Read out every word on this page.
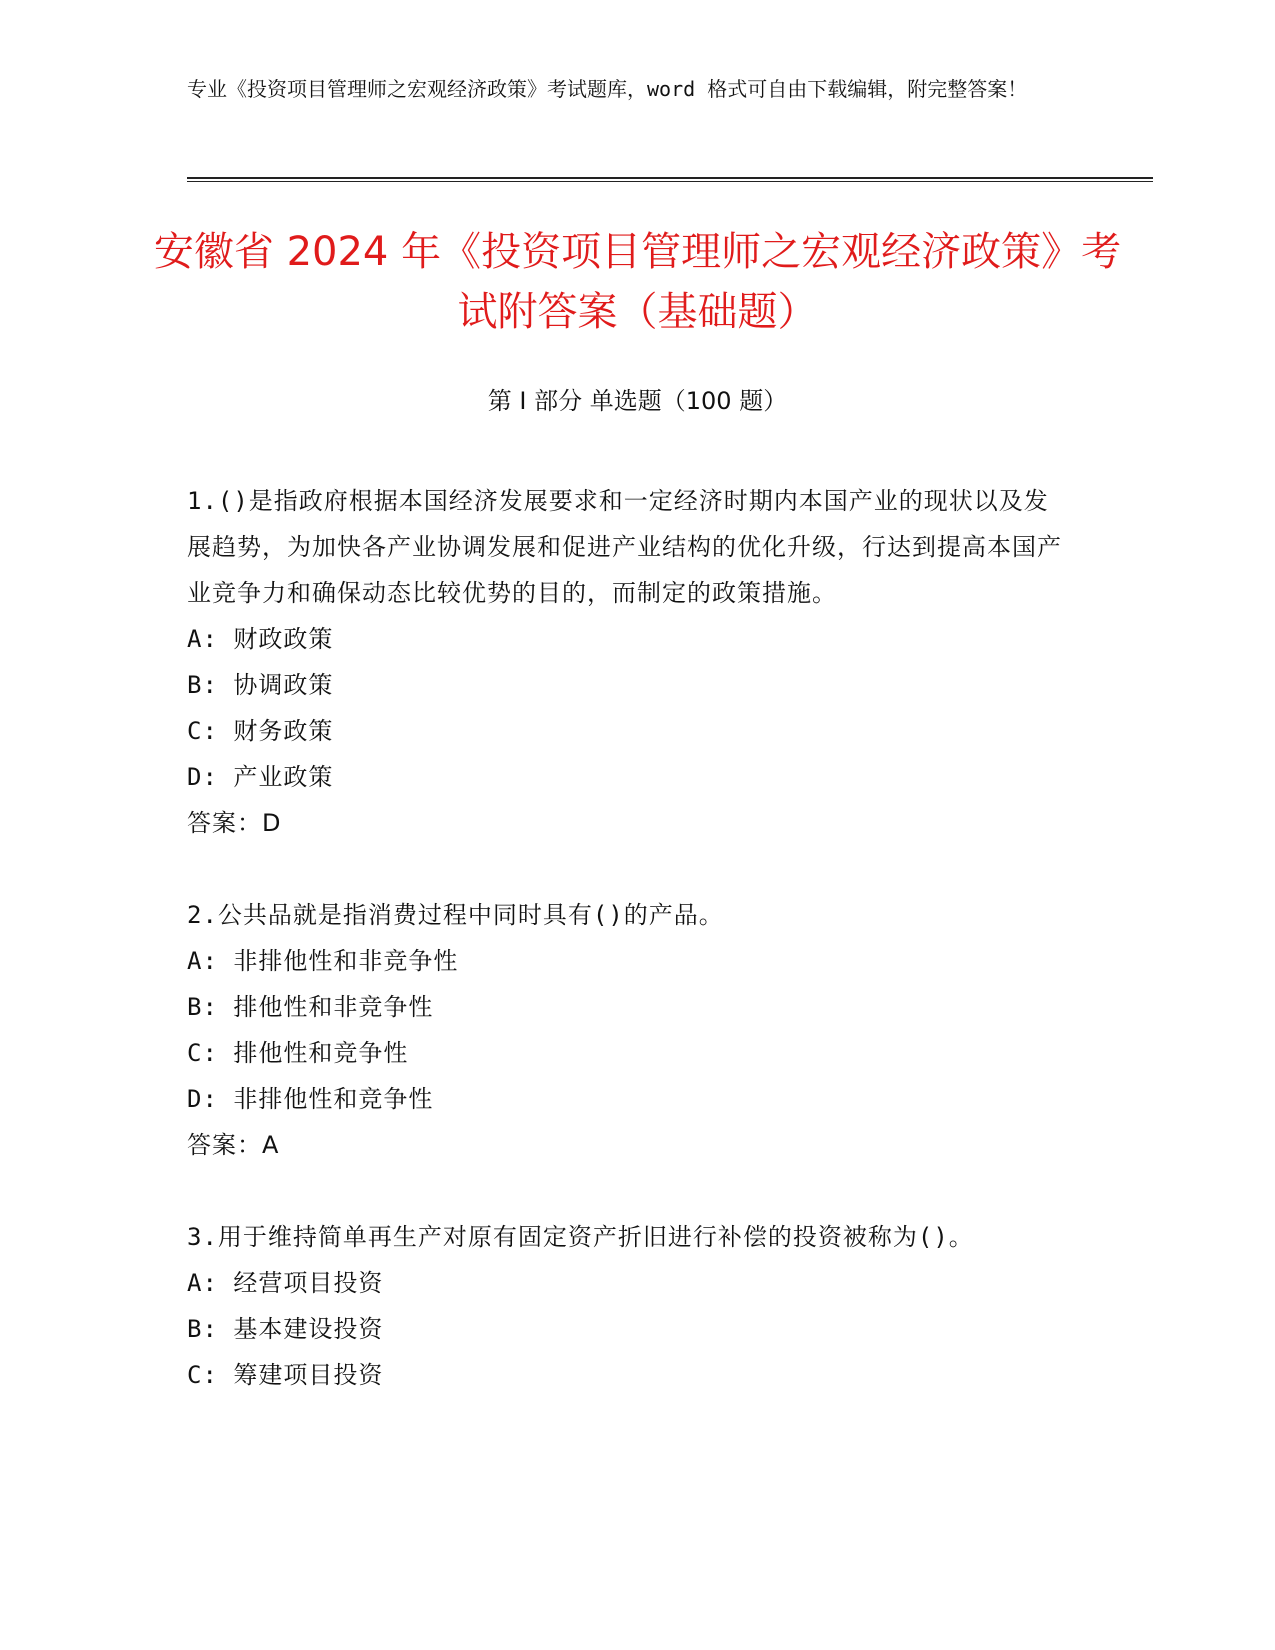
专业《投资项目管理师之宏观经济政策》考试题库，word 格式可自由下载编辑，附完整答案！
安徽省 2024 年《投资项目管理师之宏观经济政策》考试附答案（基础题）
第 I 部分 单选题（100 题）

1.()是指政府根据本国经济发展要求和一定经济时期内本国产业的现状以及发展趋势，为加快各产业协调发展和促进产业结构的优化升级，行达到提高本国产业竞争力和确保动态比较优势的目的，而制定的政策措施。

A: 财政政策

B: 协调政策

C: 财务政策

D: 产业政策

答案：D

2.公共品就是指消费过程中同时具有()的产品。

A: 非排他性和非竞争性

B: 排他性和非竞争性

C: 排他性和竞争性

D: 非排他性和竞争性

答案：A

3.用于维持简单再生产对原有固定资产折旧进行补偿的投资被称为()。

A: 经营项目投资

B: 基本建设投资

C: 筹建项目投资
